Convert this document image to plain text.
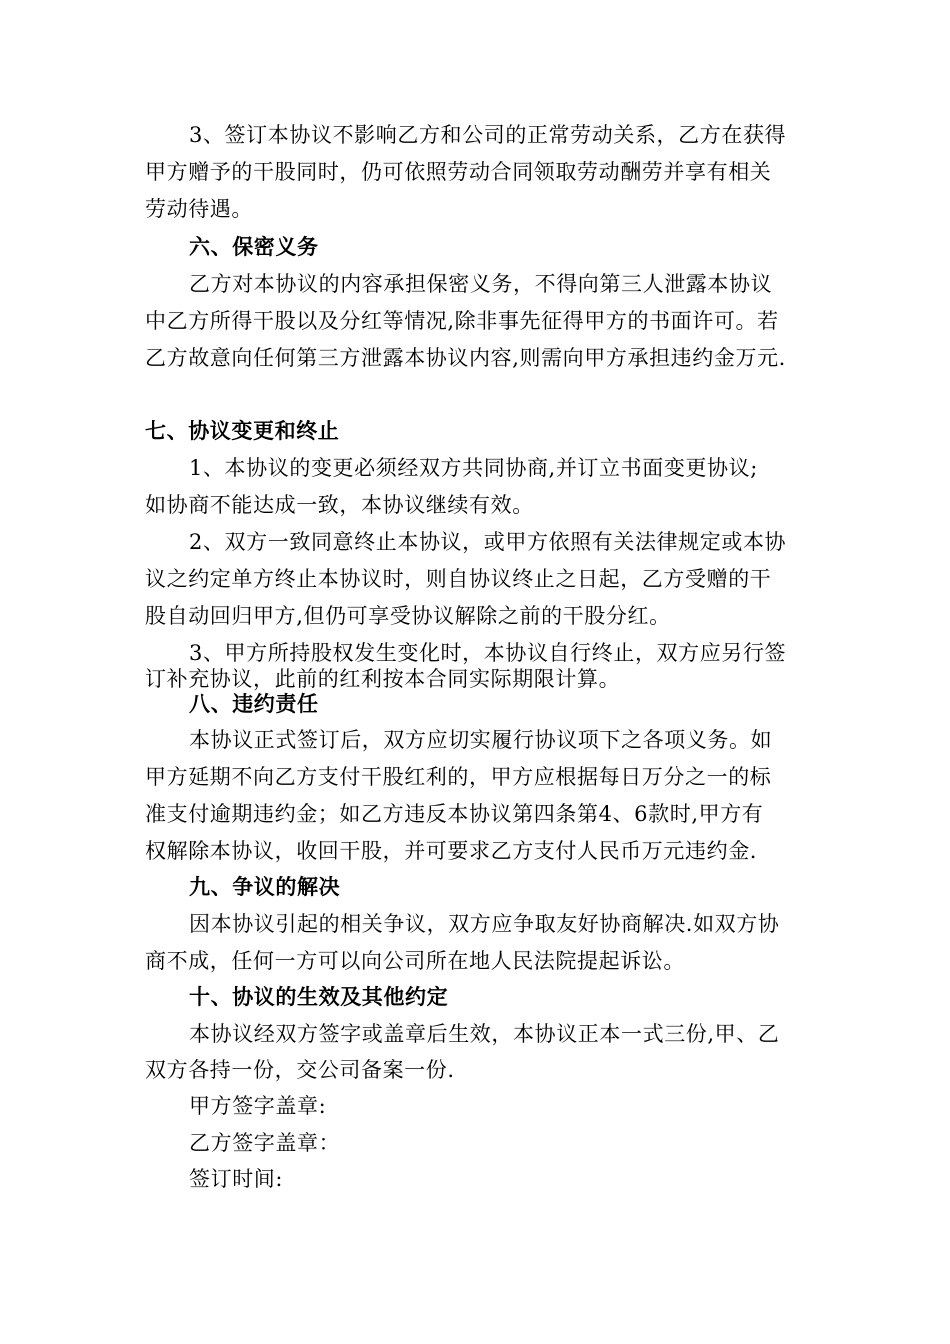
3、签订本协议不影响乙方和公司的正常劳动关系，乙方在获得

甲方赠予的干股同时，仍可依照劳动合同领取劳动酬劳并享有相关

劳动待遇。

六、保密义务

乙方对本协议的内容承担保密义务，不得向第三人泄露本协议

中乙方所得干股以及分红等情况,除非事先征得甲方的书面许可。若

乙方故意向任何第三方泄露本协议内容,则需向甲方承担违约金万元.

七、协议变更和终止

1、本协议的变更必须经双方共同协商,并订立书面变更协议;

如协商不能达成一致，本协议继续有效。

2、双方一致同意终止本协议，或甲方依照有关法律规定或本协

议之约定单方终止本协议时，则自协议终止之日起，乙方受赠的干

股自动回归甲方,但仍可享受协议解除之前的干股分红。

3、甲方所持股权发生变化时，本协议自行终止，双方应另行签

订补充协议，此前的红利按本合同实际期限计算。

八、违约责任

本协议正式签订后，双方应切实履行协议项下之各项义务。如

甲方延期不向乙方支付干股红利的，甲方应根据每日万分之一的标

准支付逾期违约金；如乙方违反本协议第四条第4、6款时,甲方有

权解除本协议，收回干股，并可要求乙方支付人民币万元违约金.

九、争议的解决

因本协议引起的相关争议，双方应争取友好协商解决.如双方协

商不成，任何一方可以向公司所在地人民法院提起诉讼。

十、协议的生效及其他约定

本协议经双方签字或盖章后生效，本协议正本一式三份,甲、乙

双方各持一份，交公司备案一份.

甲方签字盖章:

乙方签字盖章：

签订时间:
